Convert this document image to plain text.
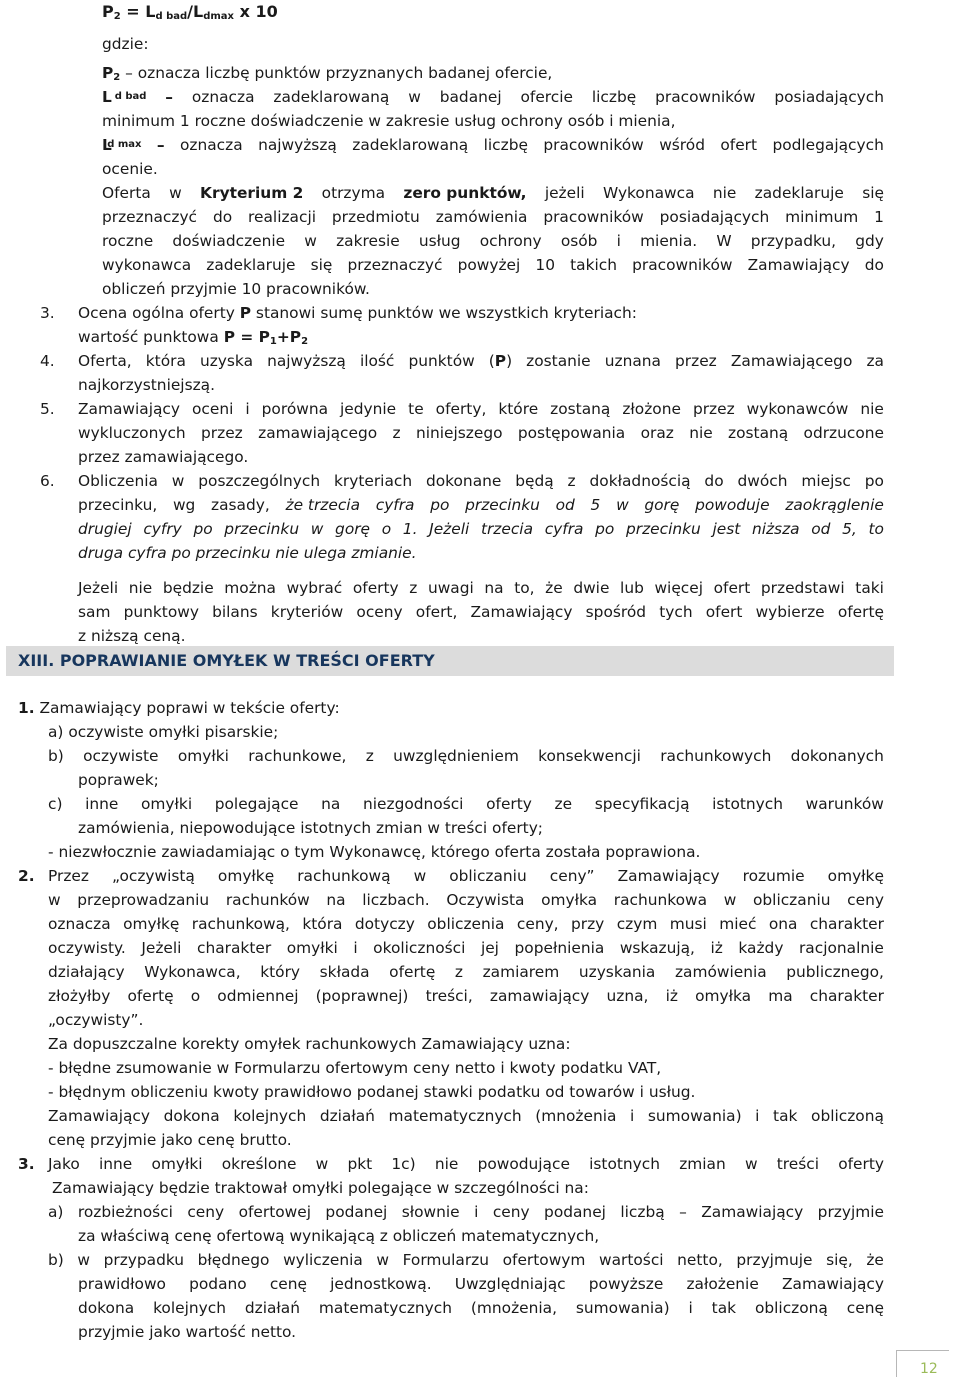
P2 = Ld bad/Ldmax x 10
gdzie:
P2 – oznacza liczbę punktów przyznanych badanej ofercie,
L d bad – oznacza zadeklarowaną w badanej ofercie liczbę pracowników posiadających
minimum 1 roczne doświadczenie w zakresie usług ochrony osób i mienia,
L
d max – oznacza najwyższą zadeklarowaną liczbę pracowników wśród ofert podlegających
ocenie.
Oferta w Kryterium 2 otrzyma zero punktów, jeżeli Wykonawca nie zadeklaruje się
przeznaczyć do realizacji przedmiotu zamówienia pracowników posiadających minimum 1
roczne doświadczenie w zakresie usług ochrony osób i mienia. W przypadku, gdy
wykonawca zadeklaruje się przeznaczyć powyżej 10 takich pracowników Zamawiający do
obliczeń przyjmie 10 pracowników.
3. Ocena ogólna oferty P stanowi sumę punktów we wszystkich kryteriach:
wartość punktowa P = P1+P2
4. Oferta, która uzyska najwyższą ilość punktów (P) zostanie uznana przez Zamawiającego za
najkorzystniejszą.
5. Zamawiający oceni i porówna jedynie te oferty, które zostaną złożone przez wykonawców nie
wykluczonych przez zamawiającego z niniejszego postępowania oraz nie zostaną odrzucone
przez zamawiającego.
6. Obliczenia w poszczególnych kryteriach dokonane będą z dokładnością do dwóch miejsc po
przecinku, wg zasady, że trzecia cyfra po przecinku od 5 w gorę powoduje zaokrąglenie
drugiej cyfry po przecinku w gorę o 1. Jeżeli trzecia cyfra po przecinku jest niższa od 5, to
druga cyfra po przecinku nie ulega zmianie.
Jeżeli nie będzie można wybrać oferty z uwagi na to, że dwie lub więcej ofert przedstawi taki
sam punktowy bilans kryteriów oceny ofert, Zamawiający spośród tych ofert wybierze ofertę
z niższą ceną.
XIII. POPRAWIANIE OMYŁEK W TREŚCI OFERTY
1. Zamawiający poprawi w tekście oferty:
a) oczywiste omyłki pisarskie;
b) oczywiste omyłki rachunkowe, z uwzględnieniem konsekwencji rachunkowych dokonanych
poprawek;
c) inne omyłki polegające na niezgodności oferty ze specyfikacją istotnych warunków
zamówienia, niepowodujące istotnych zmian w treści oferty;
- niezwłocznie zawiadamiając o tym Wykonawcę, którego oferta została poprawiona.
2. Przez „oczywistą omyłkę rachunkową w obliczaniu ceny” Zamawiający rozumie omyłkę
w przeprowadzaniu rachunków na liczbach. Oczywista omyłka rachunkowa w obliczaniu ceny
oznacza omyłkę rachunkową, która dotyczy obliczenia ceny, przy czym musi mieć ona charakter
oczywisty. Jeżeli charakter omyłki i okoliczności jej popełnienia wskazują, iż każdy racjonalnie
działający Wykonawca, który składa ofertę z zamiarem uzyskania zamówienia publicznego,
złożyłby ofertę o odmiennej (poprawnej) treści, zamawiający uzna, iż omyłka ma charakter
„oczywisty”.
Za dopuszczalne korekty omyłek rachunkowych Zamawiający uzna:
- błędne zsumowanie w Formularzu ofertowym ceny netto i kwoty podatku VAT,
- błędnym obliczeniu kwoty prawidłowo podanej stawki podatku od towarów i usług.
Zamawiający dokona kolejnych działań matematycznych (mnożenia i sumowania) i tak obliczoną
cenę przyjmie jako cenę brutto.
3. Jako inne omyłki określone w pkt 1c) nie powodujące istotnych zmian w treści oferty
Zamawiający będzie traktował omyłki polegające w szczególności na:
a) rozbieżności ceny ofertowej podanej słownie i ceny podanej liczbą – Zamawiający przyjmie
za właściwą cenę ofertową wynikającą z obliczeń matematycznych,
b) w przypadku błędnego wyliczenia w Formularzu ofertowym wartości netto, przyjmuje się, że
prawidłowo podano cenę jednostkową. Uwzględniając powyższe założenie Zamawiający
dokona kolejnych działań matematycznych (mnożenia, sumowania) i tak obliczoną cenę
przyjmie jako wartość netto.
12
